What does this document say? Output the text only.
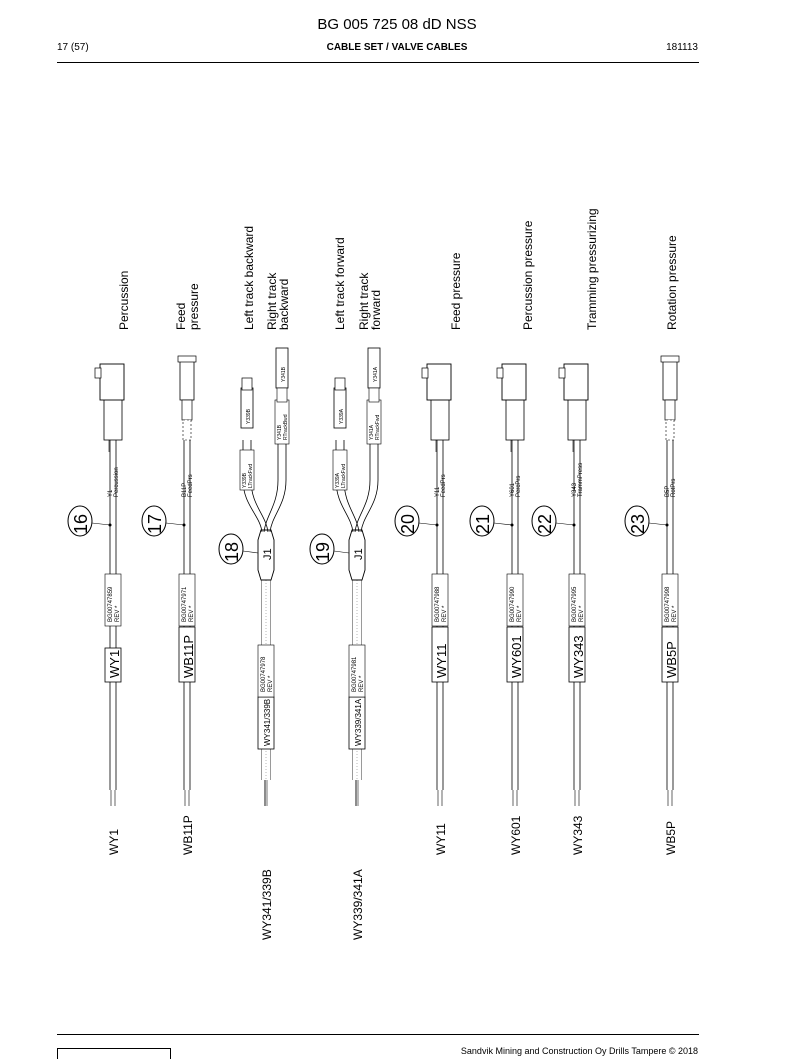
BG 005 725 08 dD NSS
17 (57)	CABLE SET / VALVE CABLES	181113
Sandvik Mining and Construction Oy Drills Tampere © 2018
WY1
BG00747859 REV *
Y1 Percussion
16
WY1
WB11P
BG00747971 REV *
B11P FeedPrs
17
WB11P
WY11
BG00747988 REV *
Y11 FeedPrs
20
WY11
WY601
BG00747990 REV *
Y601 PercPrs
21
WY601
WY343
BG00747995 REV *
Y343 TrammPress
22
WY343
WB5P
BG00747998 REV *
B5P RotPrs
23
WB5P
Percussion	Feed pressure	Feed pressure	Percussion pressure	Tramming pressurizing	Rotation pressure
WY341/339B
BG00747978 REV *
J1
Y339B LTrackFwd
Y341B RTrackBwd
Y339B
Y341B
18
WY341/339B
Left track backward Right track
backward
WY339/341A
BG00747981 REV *
J1
Y339A LTrackFwd
Y341A RTrackFwd
Y339A
Y341A
19
WY339/341A
Left track forward Right track
forward
